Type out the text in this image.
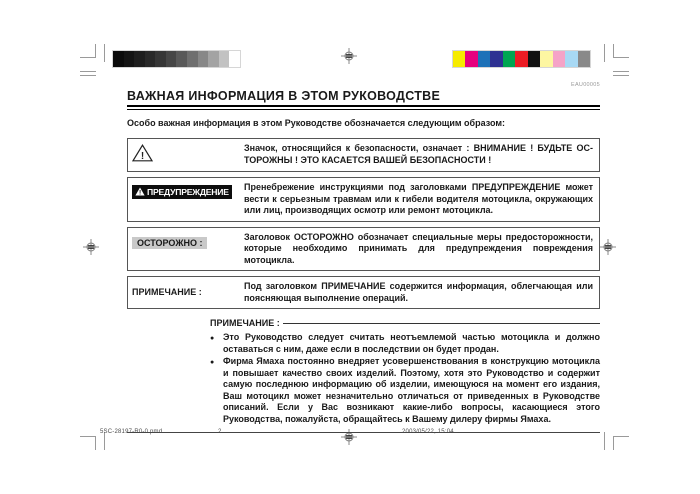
EAU00005
ВАЖНАЯ ИНФОРМАЦИЯ В ЭТОМ РУКОВОДСТВЕ

Особо важная информация в этом Руководстве обозначается следующим образом:

!
Значок, относящийся к безопасности, означает : ВНИМАНИЕ ! БУДЬТЕ ОСТОРОЖНЫ ! ЭТО КАСАЕТСЯ ВАШЕЙ БЕЗОПАСНОСТИ !
! ПРЕДУПРЕЖДЕНИЕ Пренебрежение инструкциями под заголовками ПРЕДУПРЕЖДЕНИЕ может вести к серьезным травмам или к гибели водителя мотоцикла, окружающих или лиц, производящих осмотр или ремонт мотоцикла.
ОСТОРОЖНО :
Заголовок ОСТОРОЖНО обозначает специальные меры предосторожности, которые необходимо принимать для предупреждения повреждения мотоцикла.
ПРИМЕЧАНИЕ :
Под заголовком ПРИМЕЧАНИЕ содержится информация, облегчающая или поясняющая выполнение операций.
ПРИМЕЧАНИЕ :
● Это Руководство следует считать неотъемлемой частью мотоцикла и должно оставаться с ним, даже если в последствии он будет продан.
● Фирма Ямаха постоянно внедряет усовершенствования в конструкцию мотоцикла и повышает качество своих изделий. Поэтому, хотя это Руководство и содержит самую последнюю информацию об изделии, имеющуюся на момент его издания, Ваш мотоцикл может незначительно отличаться от приведенных в Руководстве описаний. Если у Вас возникают какие-либо вопросы, касающиеся этого Руководства, пожалуйста, обращайтесь к Вашему дилеру фирмы Ямаха.
5SC-28197-R0-0.pmd	2	2003/05/22, 15:04
